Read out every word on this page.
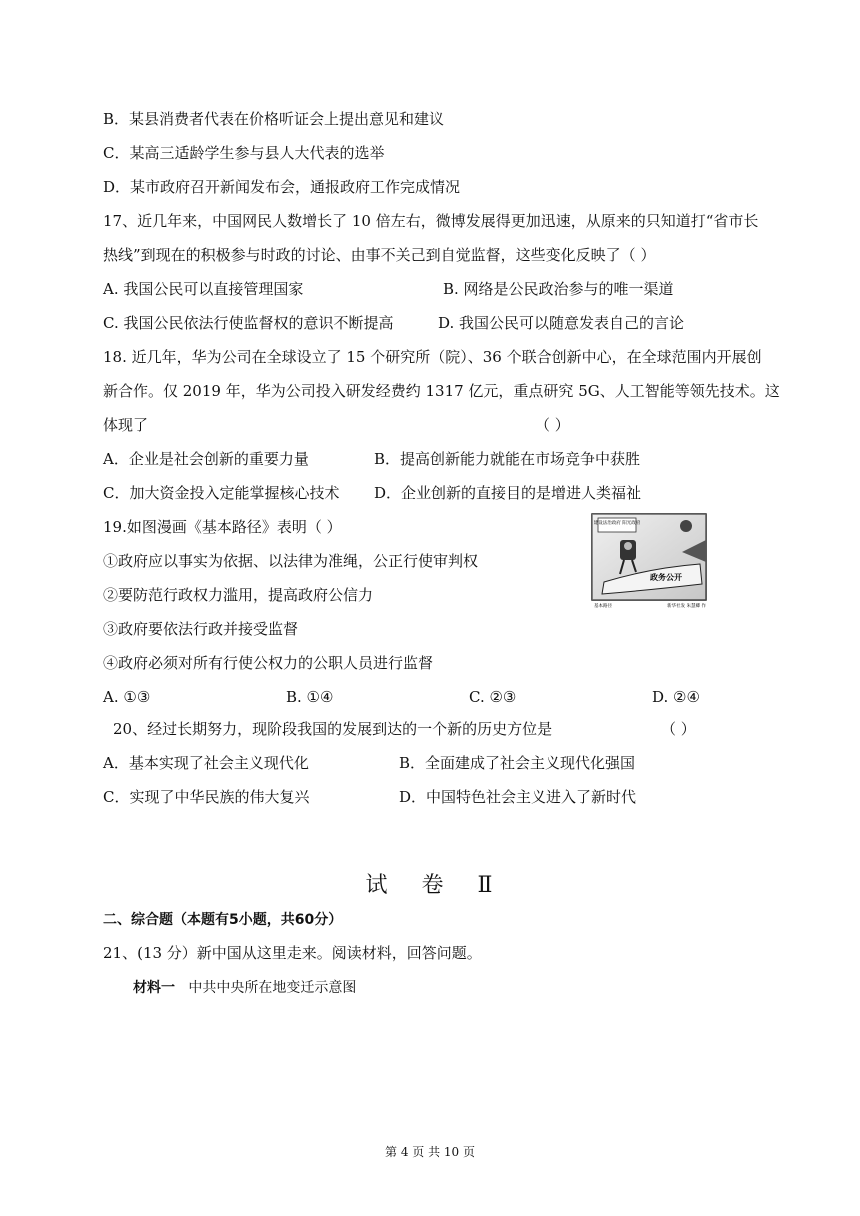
B．某县消费者代表在价格听证会上提出意见和建议
C．某高三适龄学生参与县人大代表的选举
D．某市政府召开新闻发布会，通报政府工作完成情况
17、近几年来，中国网民人数增长了 10 倍左右，微博发展得更加迅速，从原来的只知道打“省市长
热线”到现在的积极参与时政的讨论、由事不关己到自觉监督，这些变化反映了（ ）
A. 我国公民可以直接管理国家	B. 网络是公民政治参与的唯一渠道
C. 我国公民依法行使监督权的意识不断提高	D. 我国公民可以随意发表自己的言论
18. 近几年，华为公司在全球设立了 15 个研究所（院）、36 个联合创新中心，在全球范围内开展创
新合作。仅 2019 年，华为公司投入研发经费约 1317 亿元，重点研究 5G、人工智能等领先技术。这
体现了	（ ）
A．企业是社会创新的重要力量	B．提高创新能力就能在市场竞争中获胜
C．加大资金投入定能掌握核心技术 D．企业创新的直接目的是增进人类福祉
19.如图漫画《基本路径》表明（ ）
①政府应以事实为依据、以法律为准绳，公正行使审判权
②要防范行政权力滥用，提高政府公信力
③政府要依法行政并接受监督
④政府必须对所有行使公权力的公职人员进行监督
A. ①③	B. ①④	C. ②③	D. ②④
建设法治政府 阳光政府
政务公开
基本路径	新华社发 朱慧卿 作
20、经过长期努力，现阶段我国的发展到达的一个新的历史方位是	（ ）
A．基本实现了社会主义现代化	B．全面建成了社会主义现代化强国
C．实现了中华民族的伟大复兴	D．中国特色社会主义进入了新时代
试 卷 Ⅱ
二、综合题（本题有5小题，共60分）
21、(13 分）新中国从这里走来。阅读材料，回答问题。
材料一 中共中央所在地变迁示意图
第 4 页 共 10 页
